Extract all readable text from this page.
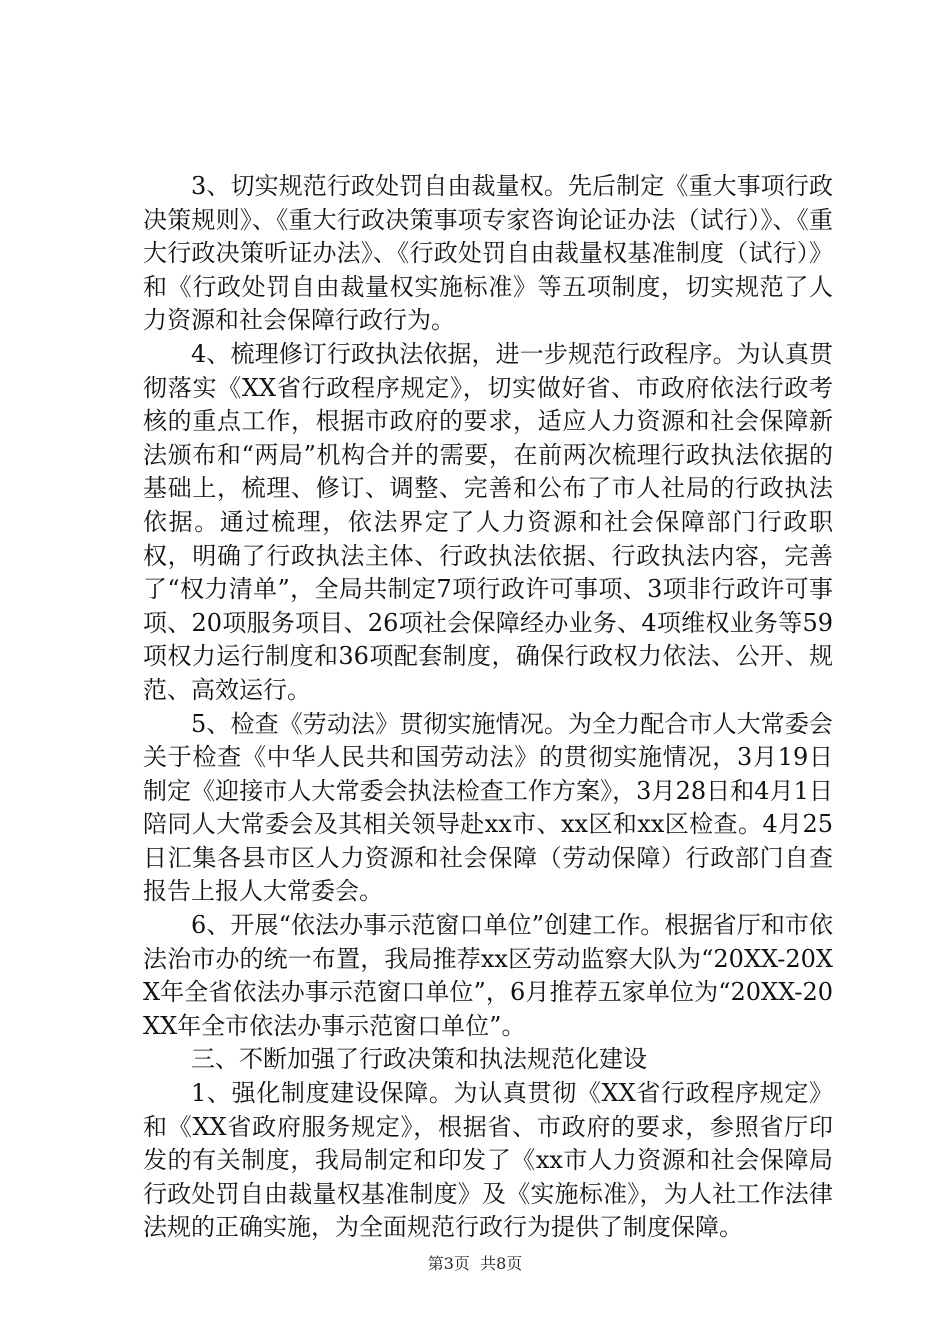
3、切实规范行政处罚自由裁量权。先后制定《重大事项行政决策规则》、《重大行政决策事项专家咨询论证办法（试行）》、《重大行政决策听证办法》、《行政处罚自由裁量权基准制度（试行）》和《行政处罚自由裁量权实施标准》等五项制度，切实规范了人力资源和社会保障行政行为。

4、梳理修订行政执法依据，进一步规范行政程序。为认真贯彻落实《XX省行政程序规定》，切实做好省、市政府依法行政考核的重点工作，根据市政府的要求，适应人力资源和社会保障新法颁布和“两局”机构合并的需要，在前两次梳理行政执法依据的基础上，梳理、修订、调整、完善和公布了市人社局的行政执法依据。通过梳理，依法界定了人力资源和社会保障部门行政职权，明确了行政执法主体、行政执法依据、行政执法内容，完善了“权力清单”，全局共制定7项行政许可事项、3项非行政许可事项、20项服务项目、26项社会保障经办业务、4项维权业务等59项权力运行制度和36项配套制度，确保行政权力依法、公开、规范、高效运行。

5、检查《劳动法》贯彻实施情况。为全力配合市人大常委会关于检查《中华人民共和国劳动法》的贯彻实施情况，3月19日制定《迎接市人大常委会执法检查工作方案》，3月28日和4月1日陪同人大常委会及其相关领导赴xx市、xx区和xx区检查。4月25日汇集各县市区人力资源和社会保障（劳动保障）行政部门自查报告上报人大常委会。

6、开展“依法办事示范窗口单位”创建工作。根据省厅和市依法治市办的统一布置，我局推荐xx区劳动监察大队为“20XX-20XX年全省依法办事示范窗口单位”，6月推荐五家单位为“20XX-20XX年全市依法办事示范窗口单位”。

三、不断加强了行政决策和执法规范化建设

1、强化制度建设保障。为认真贯彻《XX省行政程序规定》和《XX省政府服务规定》，根据省、市政府的要求，参照省厅印发的有关制度，我局制定和印发了《xx市人力资源和社会保障局行政处罚自由裁量权基准制度》及《实施标准》，为人社工作法律法规的正确实施，为全面规范行政行为提供了制度保障。

第3页  共8页
